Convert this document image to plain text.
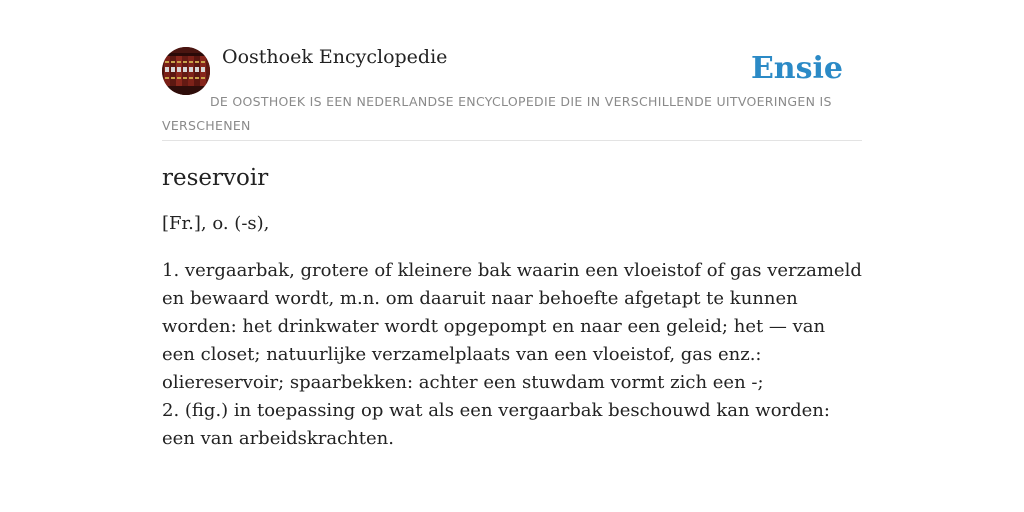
Oosthoek Encyclopedie	Ensie
DE OOSTHOEK IS EEN NEDERLANDSE ENCYCLOPEDIE DIE IN VERSCHILLENDE UITVOERINGEN IS VERSCHENEN
reservoir

[Fr.], o. (-s),

1. vergaarbak, grotere of kleinere bak waarin een vloeistof of gas verzameld en bewaard wordt, m.n. om daaruit naar behoefte afgetapt te kunnen worden: het drinkwater wordt opgepompt en naar een geleid; het — van een closet; natuurlijke verzamelplaats van een vloeistof, gas enz.: oliereservoir; spaarbekken: achter een stuwdam vormt zich een -;
2. (fig.) in toepassing op wat als een vergaarbak beschouwd kan worden: een van arbeidskrachten.
